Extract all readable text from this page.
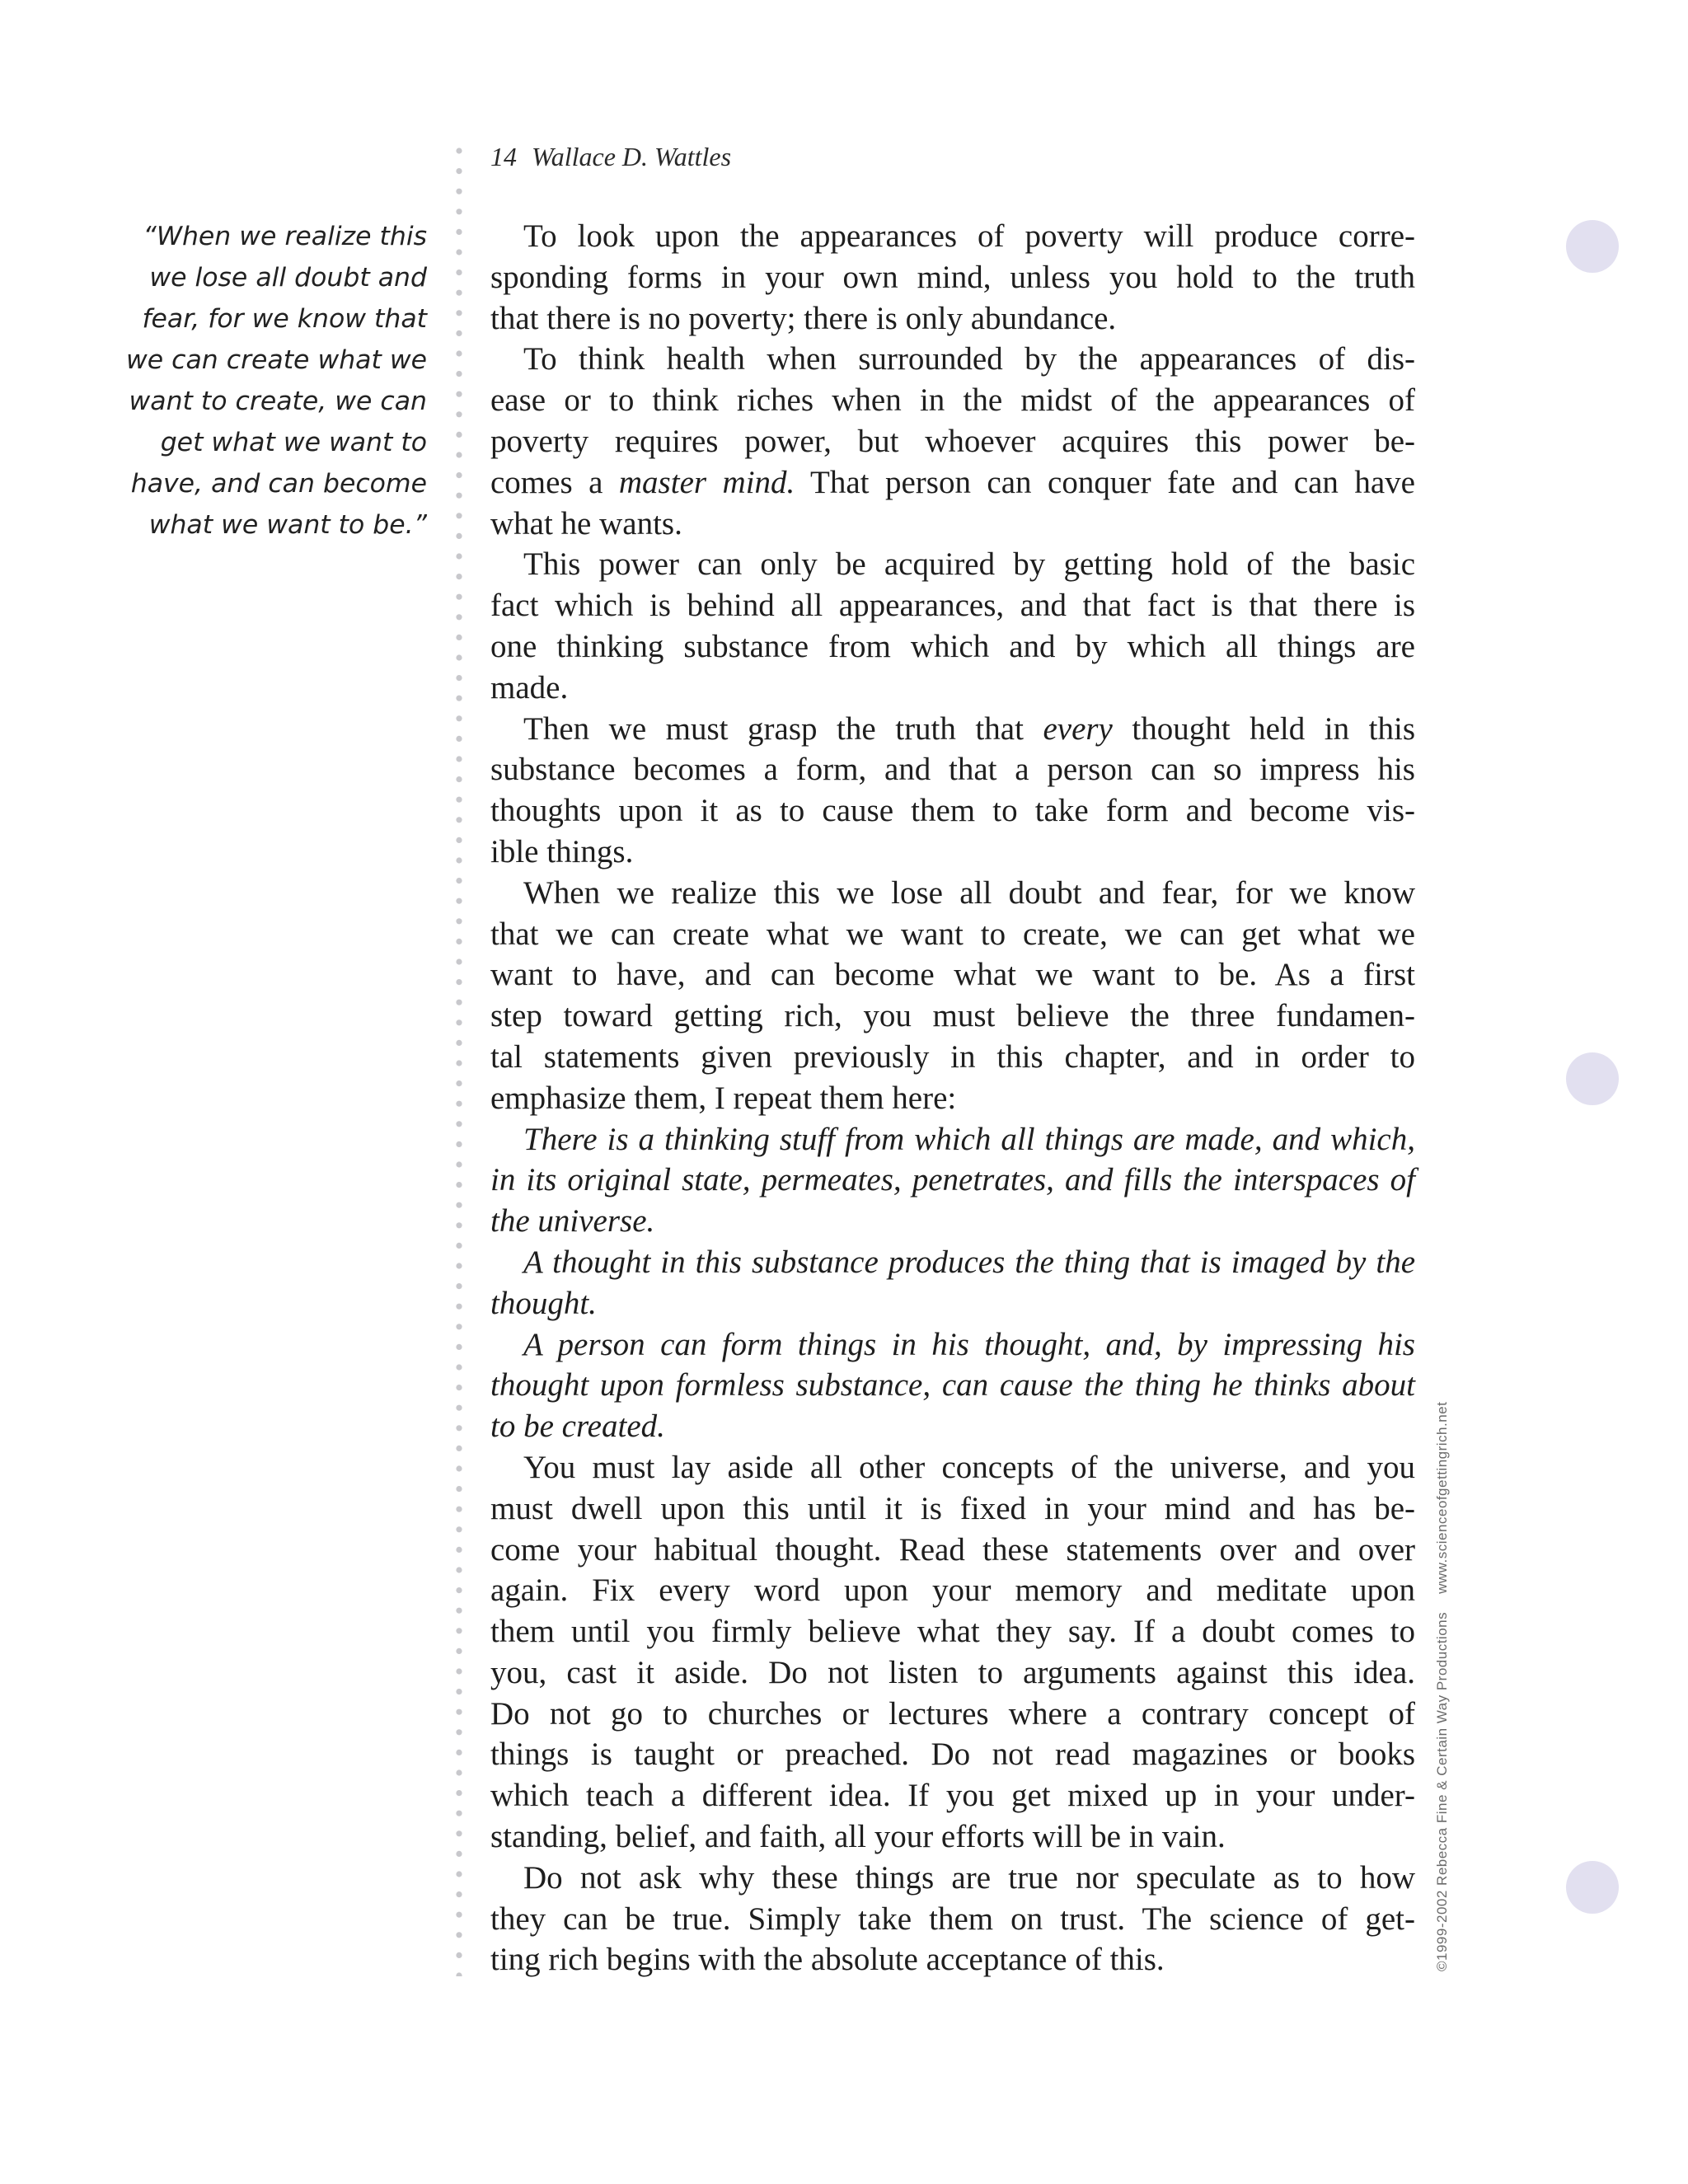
14 Wallace D. Wattles
“When we realize this
we lose all doubt and
fear, for we know that
we can create what we
want to create, we can
get what we want to
have, and can become
what we want to be.”
To look upon the appearances of poverty will produce corre-
sponding forms in your own mind, unless you hold to the truth
that there is no poverty; there is only abundance.
To think health when surrounded by the appearances of dis-
ease or to think riches when in the midst of the appearances of
poverty requires power, but whoever acquires this power be-
comes a master mind. That person can conquer fate and can have
what he wants.
This power can only be acquired by getting hold of the basic
fact which is behind all appearances, and that fact is that there is
one thinking substance from which and by which all things are
made.
Then we must grasp the truth that every thought held in this
substance becomes a form, and that a person can so impress his
thoughts upon it as to cause them to take form and become vis-
ible things.
When we realize this we lose all doubt and fear, for we know
that we can create what we want to create, we can get what we
want to have, and can become what we want to be. As a first
step toward getting rich, you must believe the three fundamen-
tal statements given previously in this chapter, and in order to
emphasize them, I repeat them here:
There is a thinking stuff from which all things are made, and which,
in its original state, permeates, penetrates, and fills the interspaces of
the universe.
A thought in this substance produces the thing that is imaged by the
thought.
A person can form things in his thought, and, by impressing his
thought upon formless substance, can cause the thing he thinks about
to be created.
You must lay aside all other concepts of the universe, and you
must dwell upon this until it is fixed in your mind and has be-
come your habitual thought. Read these statements over and over
again. Fix every word upon your memory and meditate upon
them until you firmly believe what they say. If a doubt comes to
you, cast it aside. Do not listen to arguments against this idea.
Do not go to churches or lectures where a contrary concept of
things is taught or preached. Do not read magazines or books
which teach a different idea. If you get mixed up in your under-
standing, belief, and faith, all your efforts will be in vain.
Do not ask why these things are true nor speculate as to how
they can be true. Simply take them on trust. The science of get-
ting rich begins with the absolute acceptance of this.	©1999-2002 Rebecca Fine & Certain Way Productionswww.scienceofgettingrich.net
